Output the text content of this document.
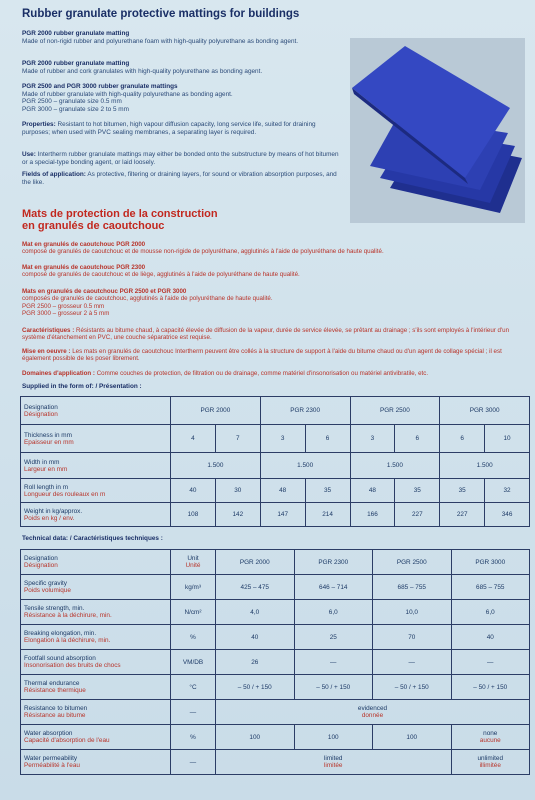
Rubber granulate protective mattings for buildings
PGR 2000 rubber granulate matting
Made of non-rigid rubber and polyurethane foam with high-quality polyurethane as bonding agent.
PGR 2000 rubber granulate matting
Made of rubber and cork granulates with high-quality polyurethane as bonding agent.
PGR 2500 and PGR 3000 rubber granulate mattings
Made of rubber granulate with high-quality polyurethane as bonding agent.
PGR 2500 – granulate size 0.5 mm
PGR 3000 – granulate size 2 to 5 mm
Properties: Resistant to hot bitumen, high vapour diffusion capacity, long service life, suited for draining purposes; when used with PVC sealing membranes, a separating layer is required.
Use: Intertherm rubber granulate mattings may either be bonded onto the substructure by means of hot bitumen or a special-type bonding agent, or laid loosely.
Fields of application: As protective, filtering or draining layers, for sound or vibration absorption purposes, and the like.
Mats de protection de la construction
en granulés de caoutchouc
Mat en granulés de caoutchouc PGR 2000
composé de granulés de caoutchouc et de mousse non-rigide de polyuréthane, agglutinés à l'aide de polyuréthane de haute qualité.
Mat en granulés de caoutchouc PGR 2300
composé de granulés de caoutchouc et de liège, agglutinés à l'aide de polyuréthane de haute qualité.
Mats en granulés de caoutchouc PGR 2500 et PGR 3000
composés de granulés de caoutchouc, agglutinés à l'aide de polyuréthane de haute qualité.
PGR 2500 – grosseur 0.5 mm
PGR 3000 – grosseur 2 à 5 mm
Caractéristiques : Résistants au bitume chaud, à capacité élevée de diffusion de la vapeur, durée de service élevée, se prêtant au drainage ; s'ils sont employés à l'intérieur d'un système d'étanchement en PVC, une couche séparatrice est requise.
Mise en oeuvre : Les mats en granulés de caoutchouc Intertherm peuvent être collés à la structure de support à l'aide du bitume chaud ou d'un agent de collage spécial ; il est également possible de les poser librement.
Domaines d'application : Comme couches de protection, de filtration ou de drainage, comme matériel d'insonorisation ou matériel antivibratile, etc.
Supplied in the form of: / Présentation :
Designation
Désignation	PGR 2000		PGR 2300		PGR 2500		PGR 3000	

Thickness in mm
Epaisseur en mm	4	7	3	6	3	6	6	10

Width in mm
Largeur en mm	1.500		1.500		1.500		1.500	

Roll length in m
Longueur des rouleaux en m	40	30	48	35	48	35	35	32

Weight in kg/approx.
Poids en kg / env.	108	142	147	214	166	227	227	346
Technical data: / Caractéristiques techniques :
Designation
Désignation	Unit
Unité	PGR 2000	PGR 2300	PGR 2500	PGR 3000

Specific gravity
Poids volumique	kg/m³	425 – 475	646 – 714	685 – 755	685 – 755

Tensile strength, min.
Résistance à la déchirure, min.	N/cm²	4,0	6,0	10,0	6,0

Breaking elongation, min.
Elongation à la déchirure, min.	%	40	25	70	40

Footfall sound absorption
Insonorisation des bruits de chocs	VM/DB	26	—	—	—

Thermal endurance
Résistance thermique	°C	– 50 / + 150	– 50 / + 150	– 50 / + 150	– 50 / + 150

Resistance to bitumen
Résistance au bitume	—	evidenced
donnée			

Water absorption
Capacité d'absorption de l'eau	%	100	100	100	none
aucune

Water permeability
Perméabilité à l'eau	—	limited
limitée			unlimited
illimitée
